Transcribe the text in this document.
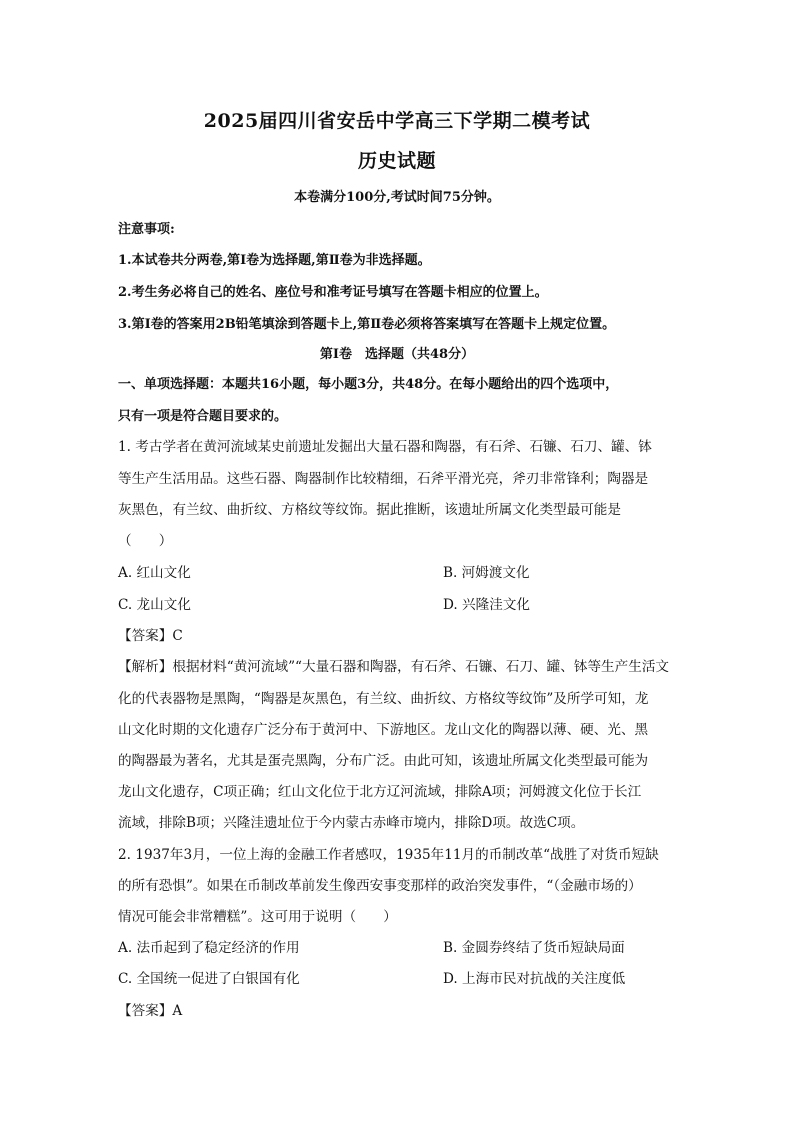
2025届四川省安岳中学高三下学期二模考试
历史试题
本卷满分100分,考试时间75分钟。
注意事项:
1.本试卷共分两卷,第Ⅰ卷为选择题,第Ⅱ卷为非选择题。
2.考生务必将自己的姓名、座位号和准考证号填写在答题卡相应的位置上。
3.第Ⅰ卷的答案用2B铅笔填涂到答题卡上,第Ⅱ卷必须将答案填写在答题卡上规定位置。
第Ⅰ卷　选择题（共48分）
一、单项选择题：本题共16小题，每小题3分，共48分。在每小题给出的四个选项中，
只有一项是符合题目要求的。
1. 考古学者在黄河流域某史前遗址发掘出大量石器和陶器，有石斧、石镰、石刀、罐、钵
等生产生活用品。这些石器、陶器制作比较精细，石斧平滑光亮，斧刃非常锋利；陶器是
灰黑色，有兰纹、曲折纹、方格纹等纹饰。据此推断，该遗址所属文化类型最可能是
（　　）
A. 红山文化	B. 河姆渡文化
C. 龙山文化	D. 兴隆洼文化
【答案】C
【解析】根据材料“黄河流域”“大量石器和陶器，有石斧、石镰、石刀、罐、钵等生产生活文
化的代表器物是黑陶，“陶器是灰黑色，有兰纹、曲折纹、方格纹等纹饰”及所学可知，龙
山文化时期的文化遗存广泛分布于黄河中、下游地区。龙山文化的陶器以薄、硬、光、黑
的陶器最为著名，尤其是蛋壳黑陶，分布广泛。由此可知，该遗址所属文化类型最可能为
龙山文化遗存，C项正确；红山文化位于北方辽河流域，排除A项；河姆渡文化位于长江
流域，排除B项；兴隆洼遗址位于今内蒙古赤峰市境内，排除D项。故选C项。
2. 1937年3月，一位上海的金融工作者感叹，1935年11月的币制改革“战胜了对货币短缺
的所有恐惧”。如果在币制改革前发生像西安事变那样的政治突发事件，“（金融市场的）
情况可能会非常糟糕”。这可用于说明（　　）
A. 法币起到了稳定经济的作用	B. 金圆券终结了货币短缺局面
C. 全国统一促进了白银国有化	D. 上海市民对抗战的关注度低
【答案】A
